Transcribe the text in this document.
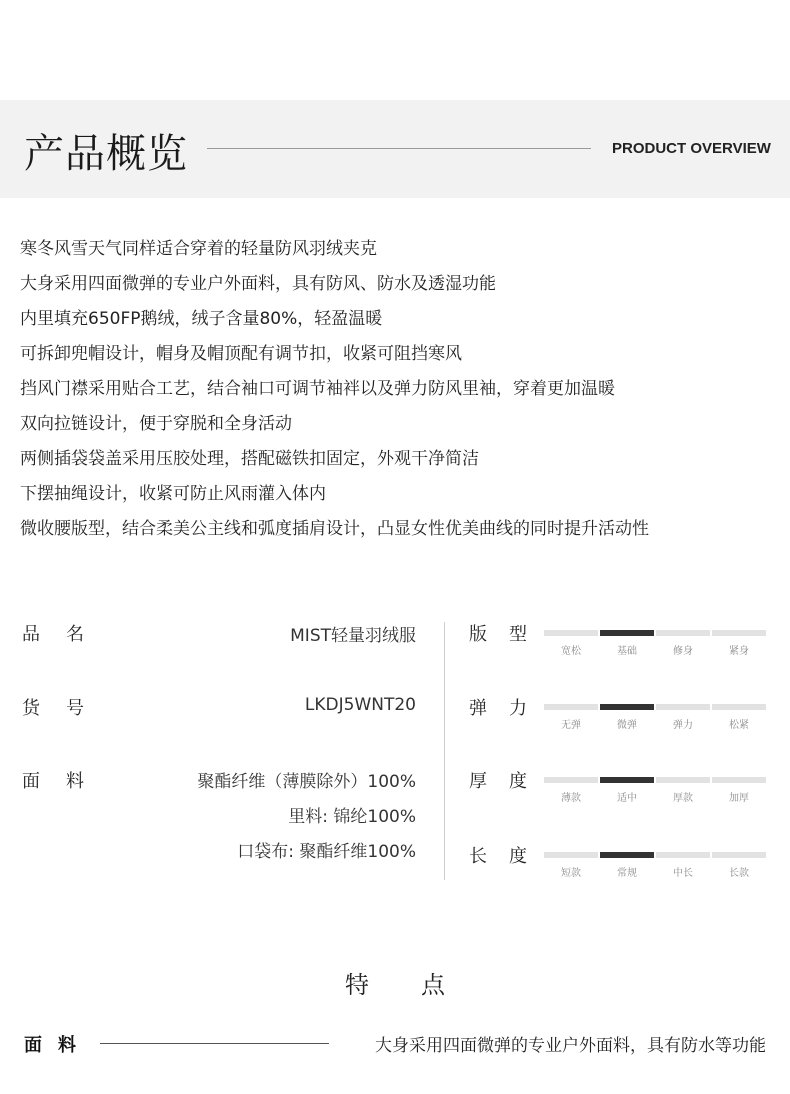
产品概览	PRODUCT OVERVIEW
寒冬风雪天气同样适合穿着的轻量防风羽绒夹克
大身采用四面微弹的专业户外面料，具有防风、防水及透湿功能
内里填充650FP鹅绒，绒子含量80%，轻盈温暖
可拆卸兜帽设计，帽身及帽顶配有调节扣，收紧可阻挡寒风
挡风门襟采用贴合工艺，结合袖口可调节袖袢以及弹力防风里袖，穿着更加温暖
双向拉链设计，便于穿脱和全身活动
两侧插袋袋盖采用压胶处理，搭配磁铁扣固定，外观干净简洁
下摆抽绳设计，收紧可防止风雨灌入体内
微收腰版型，结合柔美公主线和弧度插肩设计，凸显女性优美曲线的同时提升活动性
品 名	MIST轻量羽绒服
货 号	LKDJ5WNT20
面 料	聚酯纤维（薄膜除外）100%
里料: 锦纶100%
口袋布: 聚酯纤维100%
版 型
宽松	基础	修身	紧身
弹 力
无弹	微弹	弹力	松紧
厚 度
薄款	适中	厚款	加厚
长 度
短款	常规	中长	长款
特 点
面 料	大身采用四面微弹的专业户外面料，具有防水等功能
